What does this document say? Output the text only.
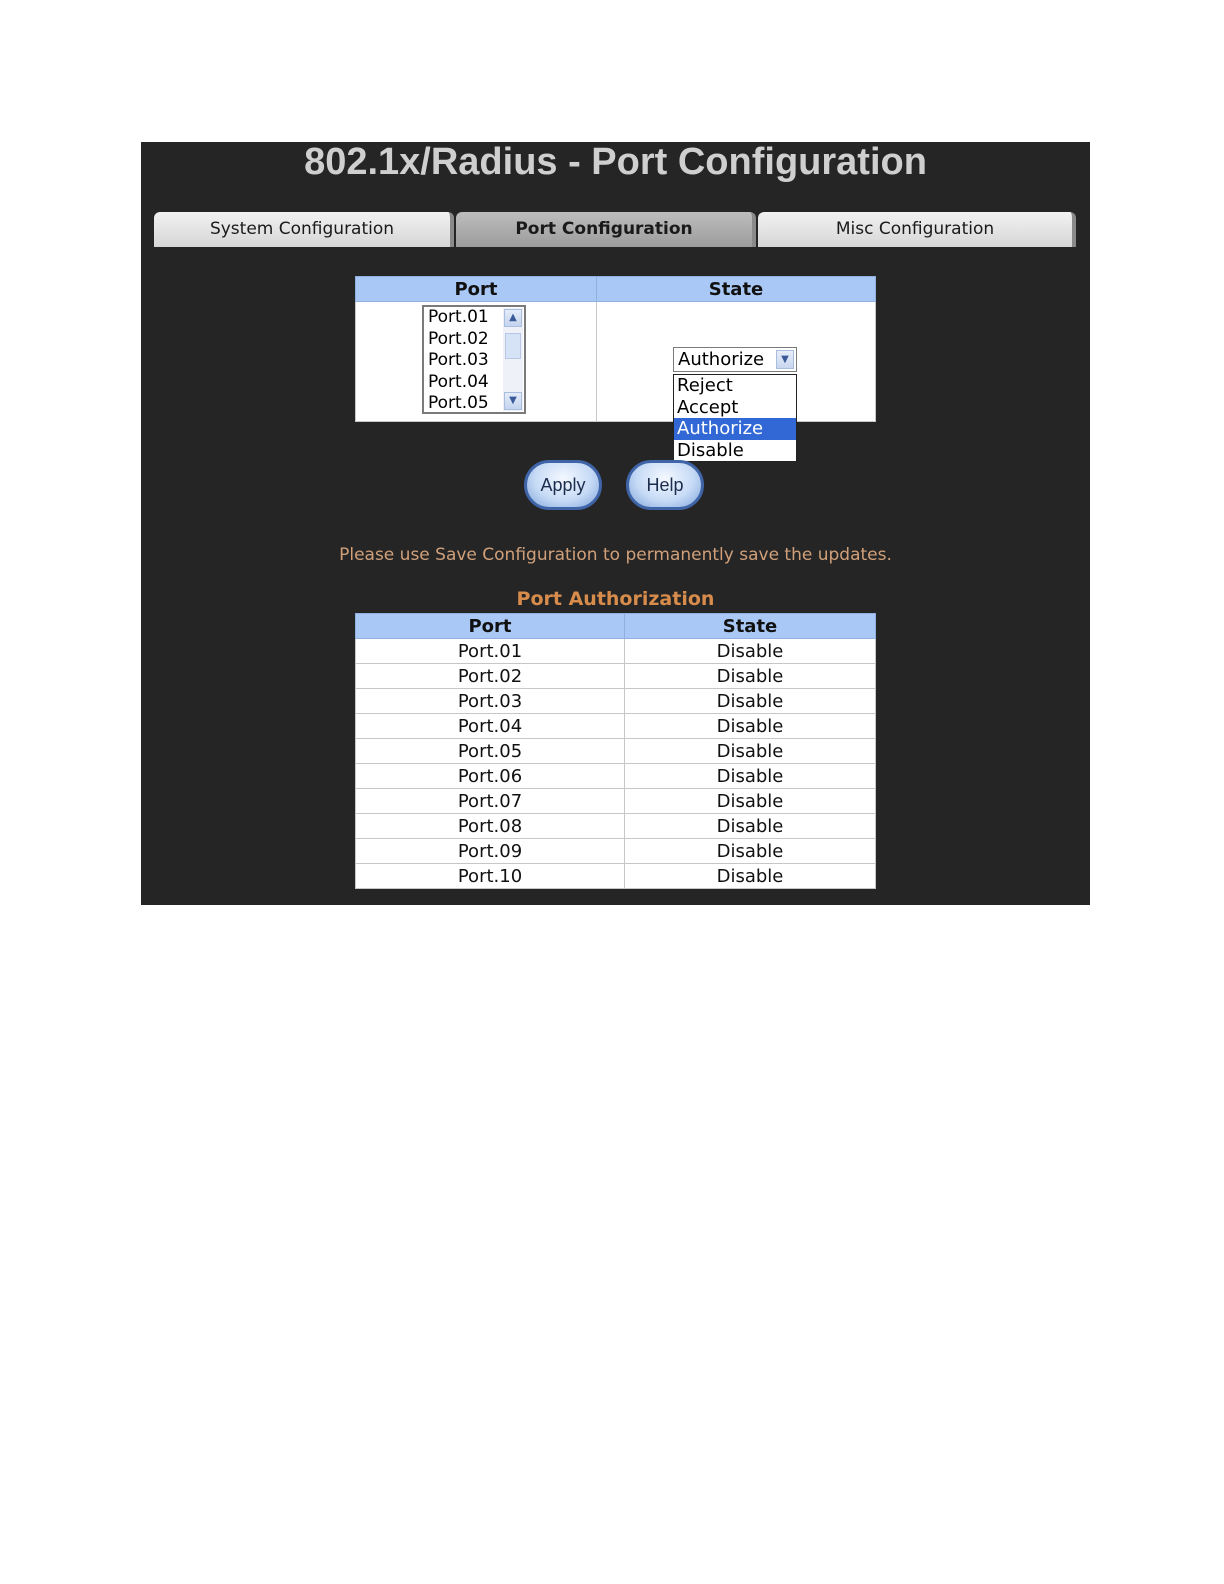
802.1x/Radius - Port Configuration
System Configuration	Port Configuration	Misc Configuration
Port	State

Port.01
Port.02
Port.03
Port.04
Port.05
▲
▼
Authorize	▼
Reject
Accept
Authorize
Disable
Apply	Help
Please use Save Configuration to permanently save the updates.
Port Authorization
Port	State
Port.01	Disable
Port.02	Disable
Port.03	Disable
Port.04	Disable
Port.05	Disable
Port.06	Disable
Port.07	Disable
Port.08	Disable
Port.09	Disable
Port.10	Disable
